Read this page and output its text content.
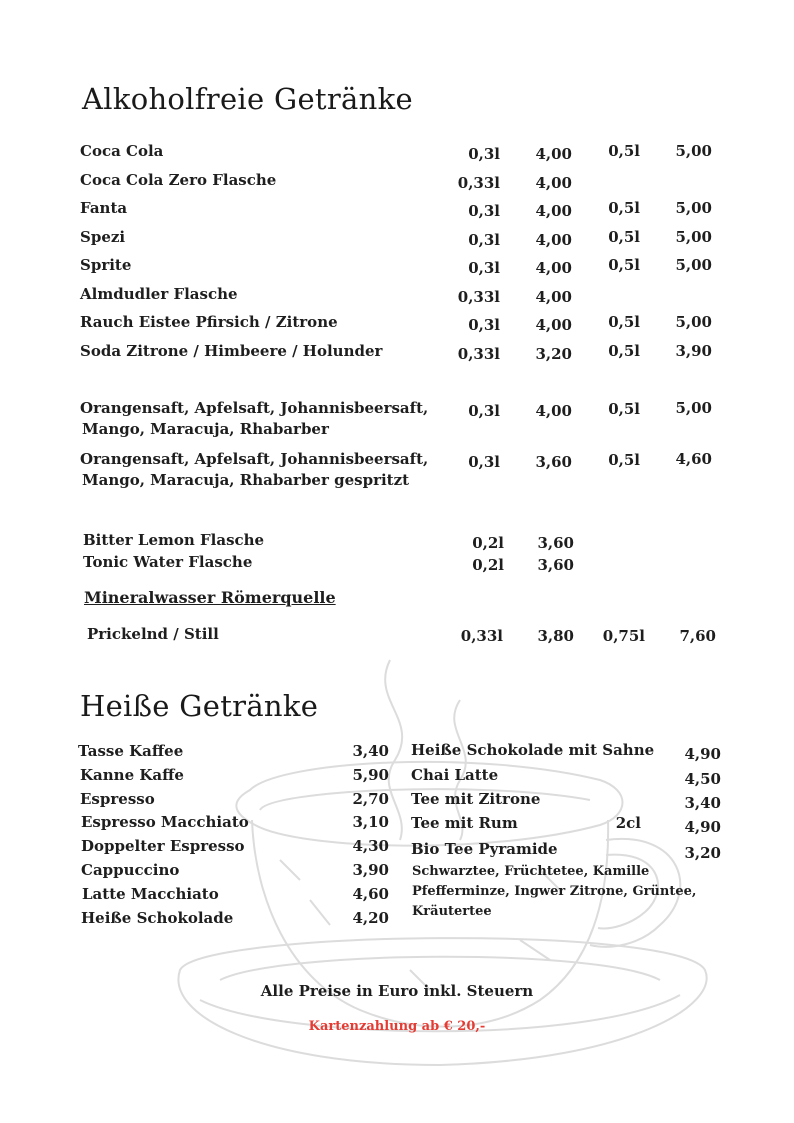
Alkoholfreie Getränke
Coca Cola	0,3l	4,00	0,5l	5,00
Coca Cola Zero Flasche	0,33l	4,00
Fanta	0,3l	4,00	0,5l	5,00
Spezi	0,3l	4,00	0,5l	5,00
Sprite	0,3l	4,00	0,5l	5,00
Almdudler Flasche	0,33l	4,00
Rauch Eistee Pfirsich / Zitrone	0,3l	4,00	0,5l	5,00
Soda Zitrone / Himbeere / Holunder	0,33l	3,20	0,5l	3,90
Orangensaft, Apfelsaft, Johannisbeersaft,
Mango, Maracuja, Rhabarber
0,3l	4,00	0,5l	5,00
Orangensaft, Apfelsaft, Johannisbeersaft,
Mango, Maracuja, Rhabarber gespritzt
0,3l	3,60	0,5l	4,60
Bitter Lemon Flasche	0,2l	3,60
Tonic Water Flasche	0,2l	3,60
Mineralwasser Römerquelle
Prickelnd / Still	0,33l	3,80	0,75l	7,60
Heiße Getränke
Tasse Kaffee	3,40
Kanne Kaffe	5,90
Espresso	2,70
Espresso Macchiato	3,10
Doppelter Espresso	4,30
Cappuccino	3,90
Latte Macchiato	4,60
Heiße Schokolade	4,20
Heiße Schokolade mit Sahne	4,90
Chai Latte	4,50
Tee mit Zitrone	3,40
Tee mit Rum	2cl	4,90
Bio Tee Pyramide	3,20
Schwarztee, Früchtetee, Kamille
Pfefferminze, Ingwer Zitrone, Grüntee,
Kräutertee
Alle Preise in Euro inkl. Steuern
Kartenzahlung ab € 20,-
